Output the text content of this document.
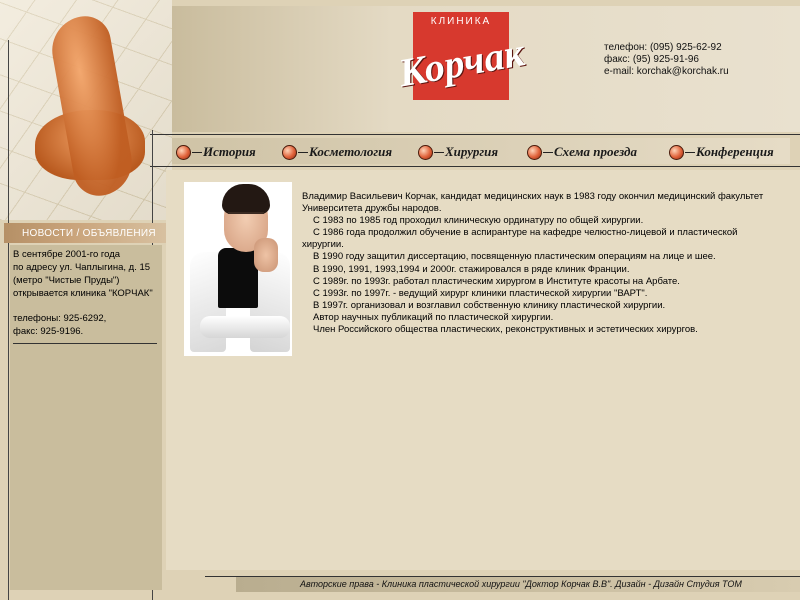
КЛИНИКА
Корчак	телефон: (095) 925-62-92
факс: (95) 925-91-96
e-mail: korchak@korchak.ru
История	Косметология	Хирургия	Схема проезда	Конференция
НОВОСТИ / ОБЪЯВЛЕНИЯ
В сентябре 2001-го года
по адресу ул. Чаплыгина, д. 15
(метро "Чистые Пруды")
открывается клиника "КОРЧАК"
телефоны: 925-6292,
факс: 925-9196.

Владимир Васильевич Корчак, кандидат медицинских наук в 1983 году окончил медицинский факультет Университета дружбы народов.

С 1983 по 1985 год проходил клиническую ординатуру по общей хирургии.

С 1986 года продолжил обучение в аспирантуре на кафедре челюстно-лицевой и пластической хирургии.

В 1990 году защитил диссертацию, посвященную пластическим операциям на лице и шее.

В 1990, 1991, 1993,1994 и 2000г. стажировался в ряде клиник Франции.

С 1989г. по 1993г. работал пластическим хирургом в Институте красоты на Арбате.

С 1993г. по 1997г. - ведущий хирург клиники пластической хирургии "ВАРТ".

В 1997г. организовал и возглавил собственную клинику пластической хирургии.

Автор научных публикаций по пластической хирургии.

Член Российского общества пластических, реконструктивных и эстетических хирургов.

Авторские права - Клиника пластической хирургии "Доктор Корчак В.В". Дизайн - Дизайн Студия ТОМ
